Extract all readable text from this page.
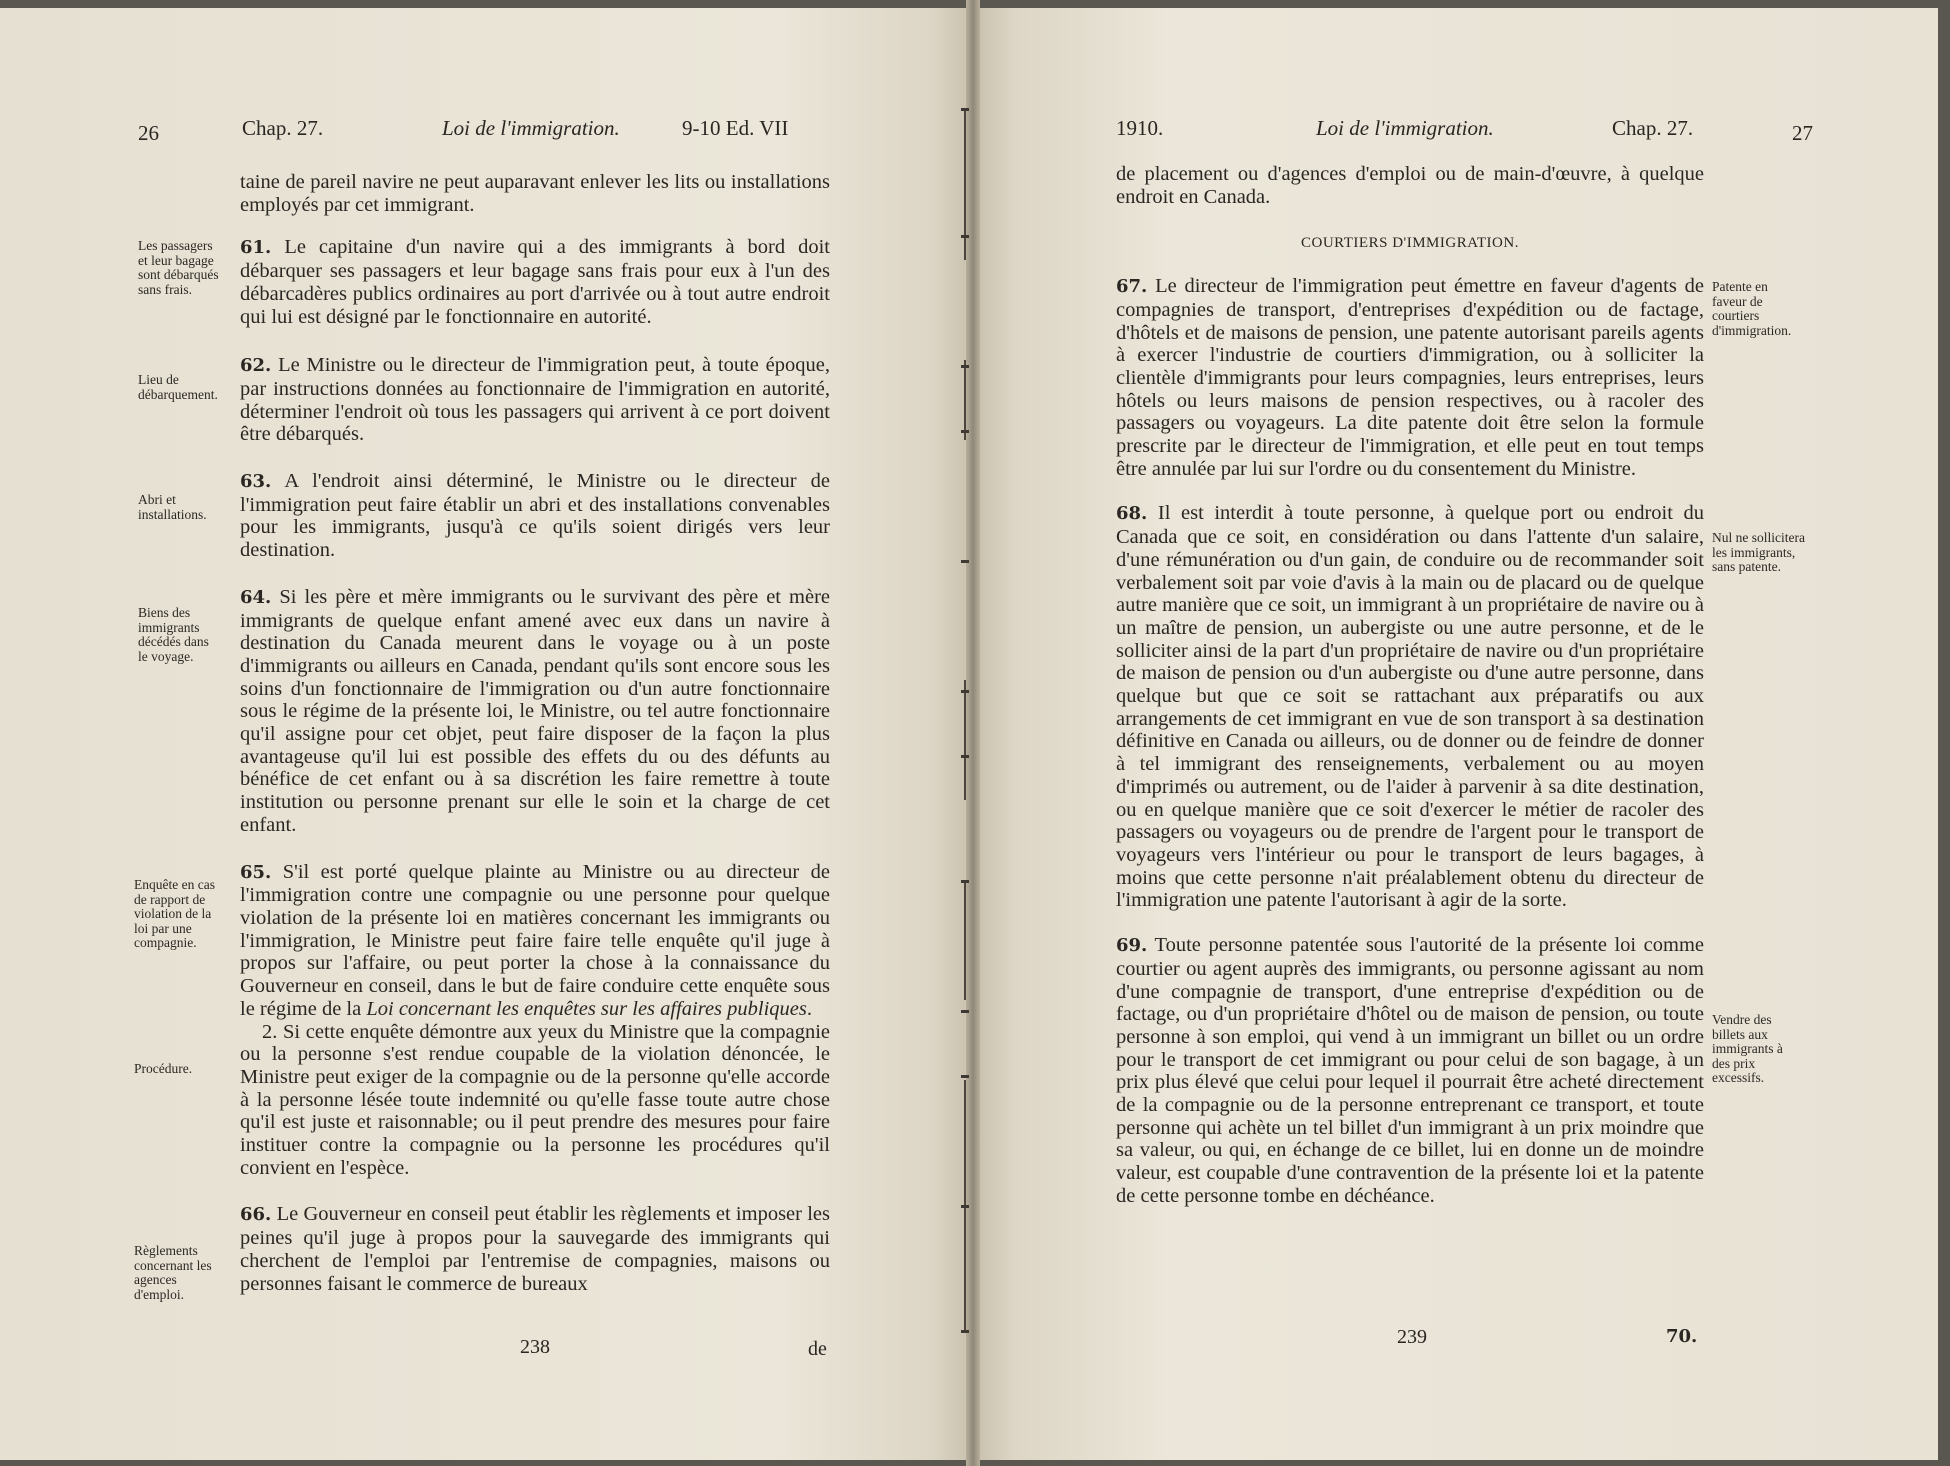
26	Chap. 27.	Loi de l'immigration.	9-10 Ed. VII
Les passagers et leur bagage sont débarqués sans frais.
Lieu de débarquement.
Abri et installations.
Biens des immigrants décédés dans le voyage.
Enquête en cas de rapport de violation de la loi par une compagnie.
Procédure.
Règlements concernant les agences d'emploi.

taine de pareil navire ne peut auparavant enlever les lits ou installations employés par cet immigrant.

61. Le capitaine d'un navire qui a des immigrants à bord doit débarquer ses passagers et leur bagage sans frais pour eux à l'un des débarcadères publics ordinaires au port d'arrivée ou à tout autre endroit qui lui est désigné par le fonctionnaire en autorité.

62. Le Ministre ou le directeur de l'immigration peut, à toute époque, par instructions données au fonctionnaire de l'immigration en autorité, déterminer l'endroit où tous les passagers qui arrivent à ce port doivent être débarqués.

63. A l'endroit ainsi déterminé, le Ministre ou le directeur de l'immigration peut faire établir un abri et des installations convenables pour les immigrants, jusqu'à ce qu'ils soient dirigés vers leur destination.

64. Si les père et mère immigrants ou le survivant des père et mère immigrants de quelque enfant amené avec eux dans un navire à destination du Canada meurent dans le voyage ou à un poste d'immigrants ou ailleurs en Canada, pendant qu'ils sont encore sous les soins d'un fonctionnaire de l'immigration ou d'un autre fonctionnaire sous le régime de la présente loi, le Ministre, ou tel autre fonctionnaire qu'il assigne pour cet objet, peut faire disposer de la façon la plus avantageuse qu'il lui est possible des effets du ou des défunts au bénéfice de cet enfant ou à sa discrétion les faire remettre à toute institution ou personne prenant sur elle le soin et la charge de cet enfant.

65. S'il est porté quelque plainte au Ministre ou au directeur de l'immigration contre une compagnie ou une personne pour quelque violation de la présente loi en matières concernant les immigrants ou l'immigration, le Ministre peut faire faire telle enquête qu'il juge à propos sur l'affaire, ou peut porter la chose à la connaissance du Gouverneur en conseil, dans le but de faire conduire cette enquête sous le régime de la Loi concernant les enquêtes sur les affaires publiques.

2. Si cette enquête démontre aux yeux du Ministre que la compagnie ou la personne s'est rendue coupable de la violation dénoncée, le Ministre peut exiger de la compagnie ou de la personne qu'elle accorde à la personne lésée toute indemnité ou qu'elle fasse toute autre chose qu'il est juste et raisonnable; ou il peut prendre des mesures pour faire instituer contre la compagnie ou la personne les procédures qu'il convient en l'espèce.

66. Le Gouverneur en conseil peut établir les règlements et imposer les peines qu'il juge à propos pour la sauvegarde des immigrants qui cherchent de l'emploi par l'entremise de compagnies, maisons ou personnes faisant le commerce de bureaux

238	de
1910.	Loi de l'immigration.	Chap. 27.	27
Patente en faveur de courtiers d'immigration.
Nul ne sollicitera les immigrants, sans patente.
Vendre des billets aux immigrants à des prix excessifs.

de placement ou d'agences d'emploi ou de main-d'œuvre, à quelque endroit en Canada.

COURTIERS D'IMMIGRATION.

67. Le directeur de l'immigration peut émettre en faveur d'agents de compagnies de transport, d'entreprises d'expédition ou de factage, d'hôtels et de maisons de pension, une patente autorisant pareils agents à exercer l'industrie de courtiers d'immigration, ou à solliciter la clientèle d'immigrants pour leurs compagnies, leurs entreprises, leurs hôtels ou leurs maisons de pension respectives, ou à racoler des passagers ou voyageurs. La dite patente doit être selon la formule prescrite par le directeur de l'immigration, et elle peut en tout temps être annulée par lui sur l'ordre ou du consentement du Ministre.

68. Il est interdit à toute personne, à quelque port ou endroit du Canada que ce soit, en considération ou dans l'attente d'un salaire, d'une rémunération ou d'un gain, de conduire ou de recommander soit verbalement soit par voie d'avis à la main ou de placard ou de quelque autre manière que ce soit, un immigrant à un propriétaire de navire ou à un maître de pension, un aubergiste ou une autre personne, et de le solliciter ainsi de la part d'un propriétaire de navire ou d'un propriétaire de maison de pension ou d'un aubergiste ou d'une autre personne, dans quelque but que ce soit se rattachant aux préparatifs ou aux arrangements de cet immigrant en vue de son transport à sa destination définitive en Canada ou ailleurs, ou de donner ou de feindre de donner à tel immigrant des renseignements, verbalement ou au moyen d'imprimés ou autrement, ou de l'aider à parvenir à sa dite destination, ou en quelque manière que ce soit d'exercer le métier de racoler des passagers ou voyageurs ou de prendre de l'argent pour le transport de voyageurs vers l'intérieur ou pour le transport de leurs bagages, à moins que cette personne n'ait préalablement obtenu du directeur de l'immigration une patente l'autorisant à agir de la sorte.

69. Toute personne patentée sous l'autorité de la présente loi comme courtier ou agent auprès des immigrants, ou personne agissant au nom d'une compagnie de transport, d'une entreprise d'expédition ou de factage, ou d'un propriétaire d'hôtel ou de maison de pension, ou toute personne à son emploi, qui vend à un immigrant un billet ou un ordre pour le transport de cet immigrant ou pour celui de son bagage, à un prix plus élevé que celui pour lequel il pourrait être acheté directement de la compagnie ou de la personne entreprenant ce transport, et toute personne qui achète un tel billet d'un immigrant à un prix moindre que sa valeur, ou qui, en échange de ce billet, lui en donne un de moindre valeur, est coupable d'une contravention de la présente loi et la patente de cette personne tombe en déchéance.

239	70.
